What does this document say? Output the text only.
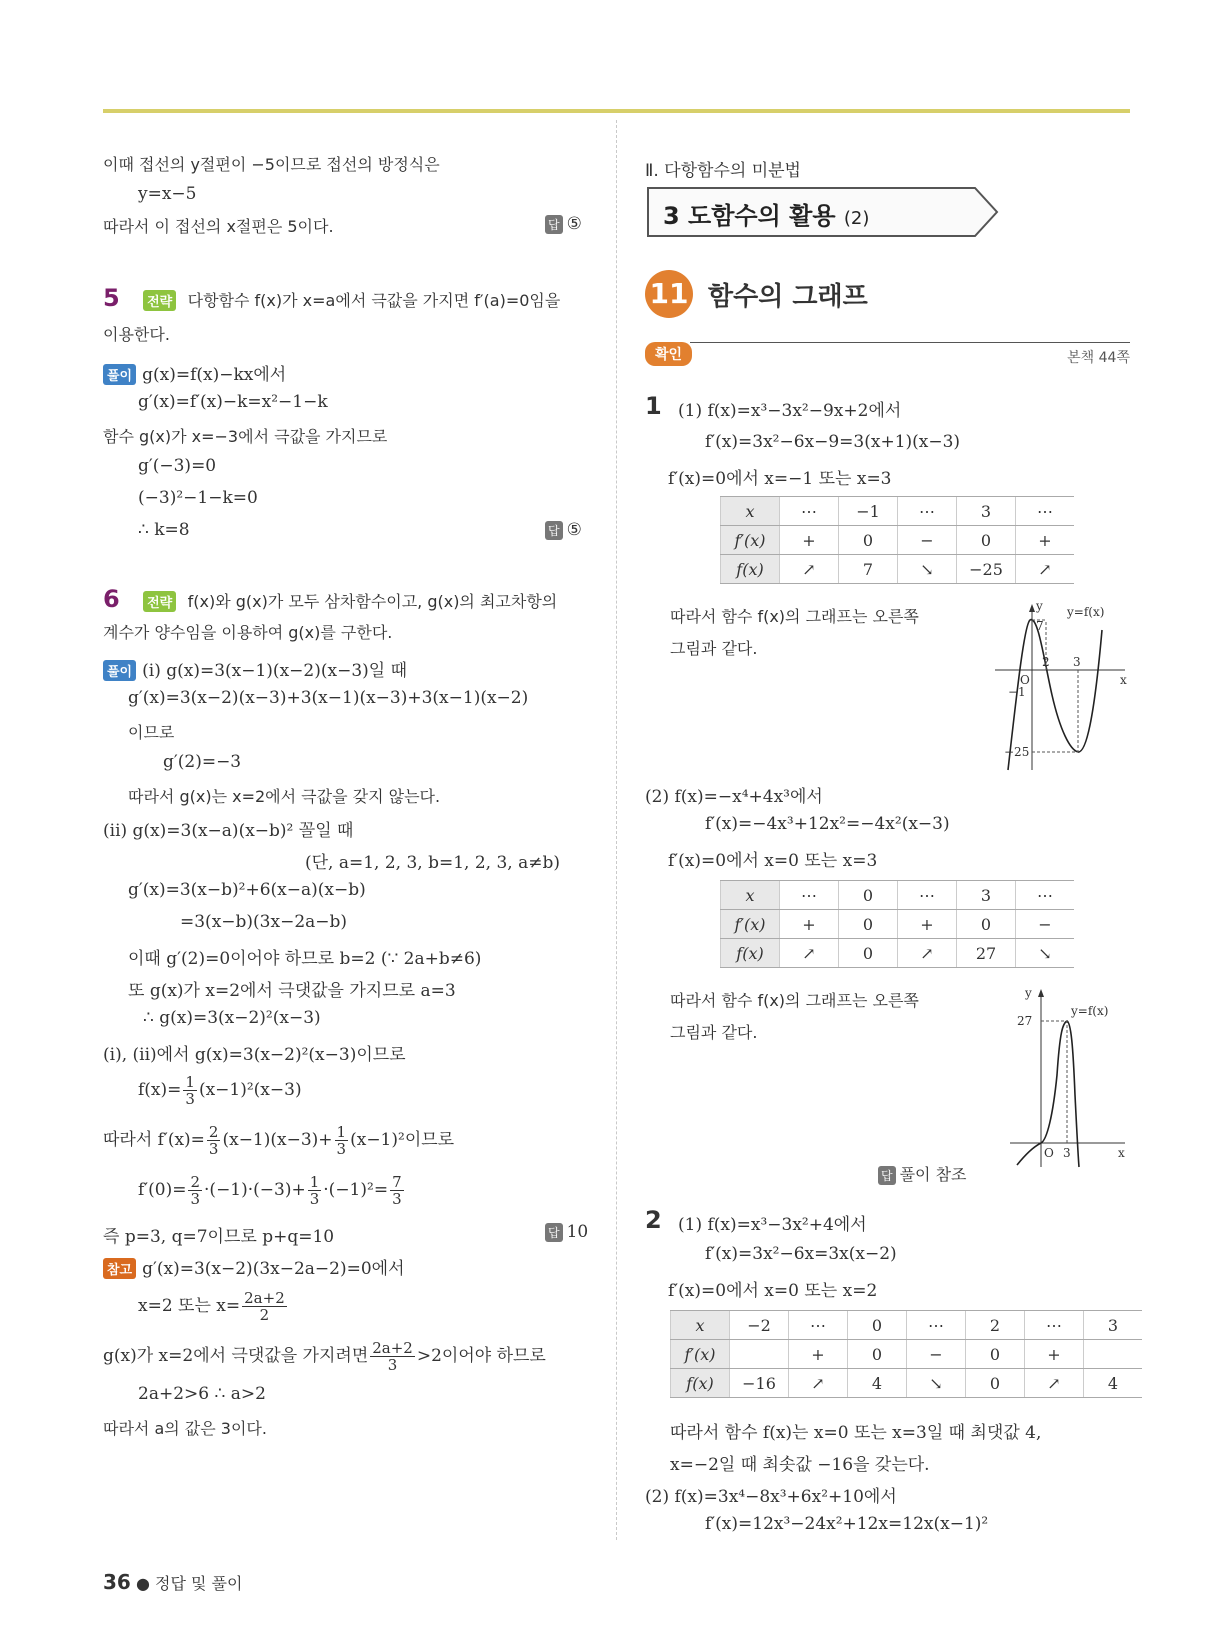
이때 접선의 y절편이 −5이므로 접선의 방정식은
y=x−5
따라서 이 접선의 x절편은 5이다.	답 ⑤
5 전략 다항함수 f(x)가 x=a에서 극값을 가지면 f′(a)=0임을
이용한다.
풀이 g(x)=f(x)−kx에서
g′(x)=f′(x)−k=x²−1−k
함수 g(x)가 x=−3에서 극값을 가지므로
g′(−3)=0
(−3)²−1−k=0
∴ k=8	답 ⑤
6 전략 f(x)와 g(x)가 모두 삼차함수이고, g(x)의 최고차항의
계수가 양수임을 이용하여 g(x)를 구한다.
풀이 (i) g(x)=3(x−1)(x−2)(x−3)일 때
g′(x)=3(x−2)(x−3)+3(x−1)(x−3)+3(x−1)(x−2)
이므로
g′(2)=−3
따라서 g(x)는 x=2에서 극값을 갖지 않는다.
(ii) g(x)=3(x−a)(x−b)² 꼴일 때
(단, a=1, 2, 3, b=1, 2, 3, a≠b)
g′(x)=3(x−b)²+6(x−a)(x−b)
=3(x−b)(3x−2a−b)
이때 g′(2)=0이어야 하므로 b=2 (∵ 2a+b≠6)
또 g(x)가 x=2에서 극댓값을 가지므로 a=3
∴ g(x)=3(x−2)²(x−3)
(i), (ii)에서 g(x)=3(x−2)²(x−3)이므로
$f(x)= \frac{1}{3} (x-1)^2(x-3)$
따라서 $f'(x)= \frac{2}{3} (x-1)(x-3)+ \frac{1}{3} (x-1)^2$이므로
$f'(0)= \frac{2}{3} \cdot(-1)\cdot(-3)+ \frac{1}{3} \cdot(-1)^2= \frac{7}{3}$
즉 p=3, q=7이므로 p+q=10	답 10
참고 g′(x)=3(x−2)(3x−2a−2)=0에서
x=2 또는 $x= \frac{2a+2}{2}$
g(x)가 x=2에서 극댓값을 가지려면 $\frac{2a+2}{3} >2$이어야 하므로
2a+2>6 ∴ a>2
따라서 a의 값은 3이다.
Ⅱ. 다항함수의 미분법
3 도함수의 활용 (2)
11 함수의 그래프
확인	본책 44쪽
1 (1) f(x)=x³−3x²−9x+2에서
f′(x)=3x²−6x−9=3(x+1)(x−3)
f′(x)=0에서 x=−1 또는 x=3
x	⋯	−1	⋯	3	⋯
f′(x)	+	0	−	0	+
f(x)	↗	7	↘	−25	↗
따라서 함수 f(x)의 그래프는 오른쪽
그림과 같다.
y
x
y=f(x)
O
7
2 3
−1
−25
(2) f(x)=−x⁴+4x³에서
f′(x)=−4x³+12x²=−4x²(x−3)
f′(x)=0에서 x=0 또는 x=3
x	⋯	0	⋯	3	⋯
f′(x)	+	0	+	0	−
f(x)	↗	0	↗	27	↘
따라서 함수 f(x)의 그래프는 오른쪽
그림과 같다.
y
x
y=f(x)
O
27
3
답 풀이 참조
2 (1) f(x)=x³−3x²+4에서
f′(x)=3x²−6x=3x(x−2)
f′(x)=0에서 x=0 또는 x=2
x	−2	⋯	0	⋯	2	⋯	3
f′(x)		+	0	−	0	+	
f(x)	−16	↗	4	↘	0	↗	4
따라서 함수 f(x)는 x=0 또는 x=3일 때 최댓값 4,
x=−2일 때 최솟값 −16을 갖는다.
(2) f(x)=3x⁴−8x³+6x²+10에서
f′(x)=12x³−24x²+12x=12x(x−1)²
36 ● 정답 및 풀이
